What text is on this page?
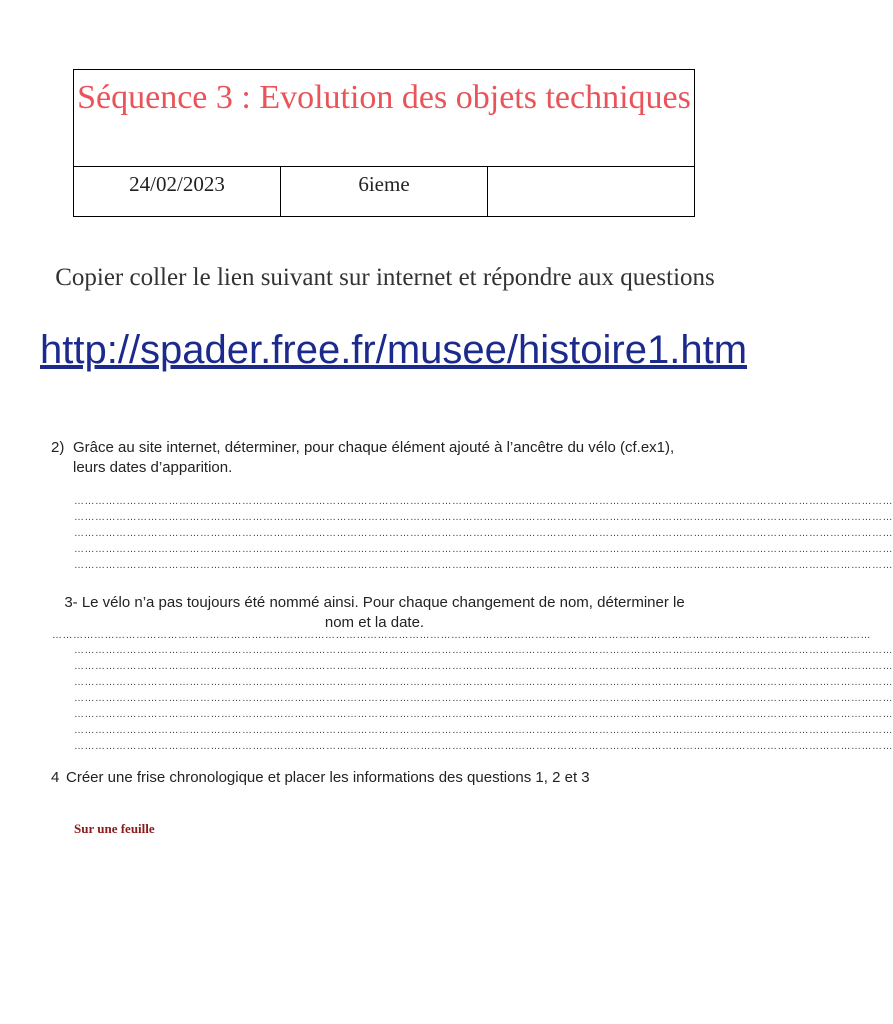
Séquence 3 : Evolution des objets techniques
24/02/2023	6ieme
Copier coller le lien suivant sur internet et répondre aux questions
http://spader.free.fr/musee/histoire1.htm
2) Grâce au site internet, déterminer, pour chaque élément ajouté à l’ancêtre du vélo (cf.ex1), leurs dates d’apparition.
………………………………………………………………………………………………………………………………………………………………………………………………………………
………………………………………………………………………………………………………………………………………………………………………………………………………………
………………………………………………………………………………………………………………………………………………………………………………………………………………
………………………………………………………………………………………………………………………………………………………………………………………………………………
………………………………………………………………………………………………………………………………………………………………………………………………………………
3- Le vélo n’a pas toujours été nommé ainsi. Pour chaque changement de nom, déterminer le nom et la date.
………………………………………………………………………………………………………………………………………………………………………………………………………………
………………………………………………………………………………………………………………………………………………………………………………………………………………
………………………………………………………………………………………………………………………………………………………………………………………………………………
………………………………………………………………………………………………………………………………………………………………………………………………………………
………………………………………………………………………………………………………………………………………………………………………………………………………………
………………………………………………………………………………………………………………………………………………………………………………………………………………
………………………………………………………………………………………………………………………………………………………………………………………………………………
………………………………………………………………………………………………………………………………………………………………………………………………………………
4 Créer une frise chronologique et placer les informations des questions 1, 2 et 3
Sur une feuille
